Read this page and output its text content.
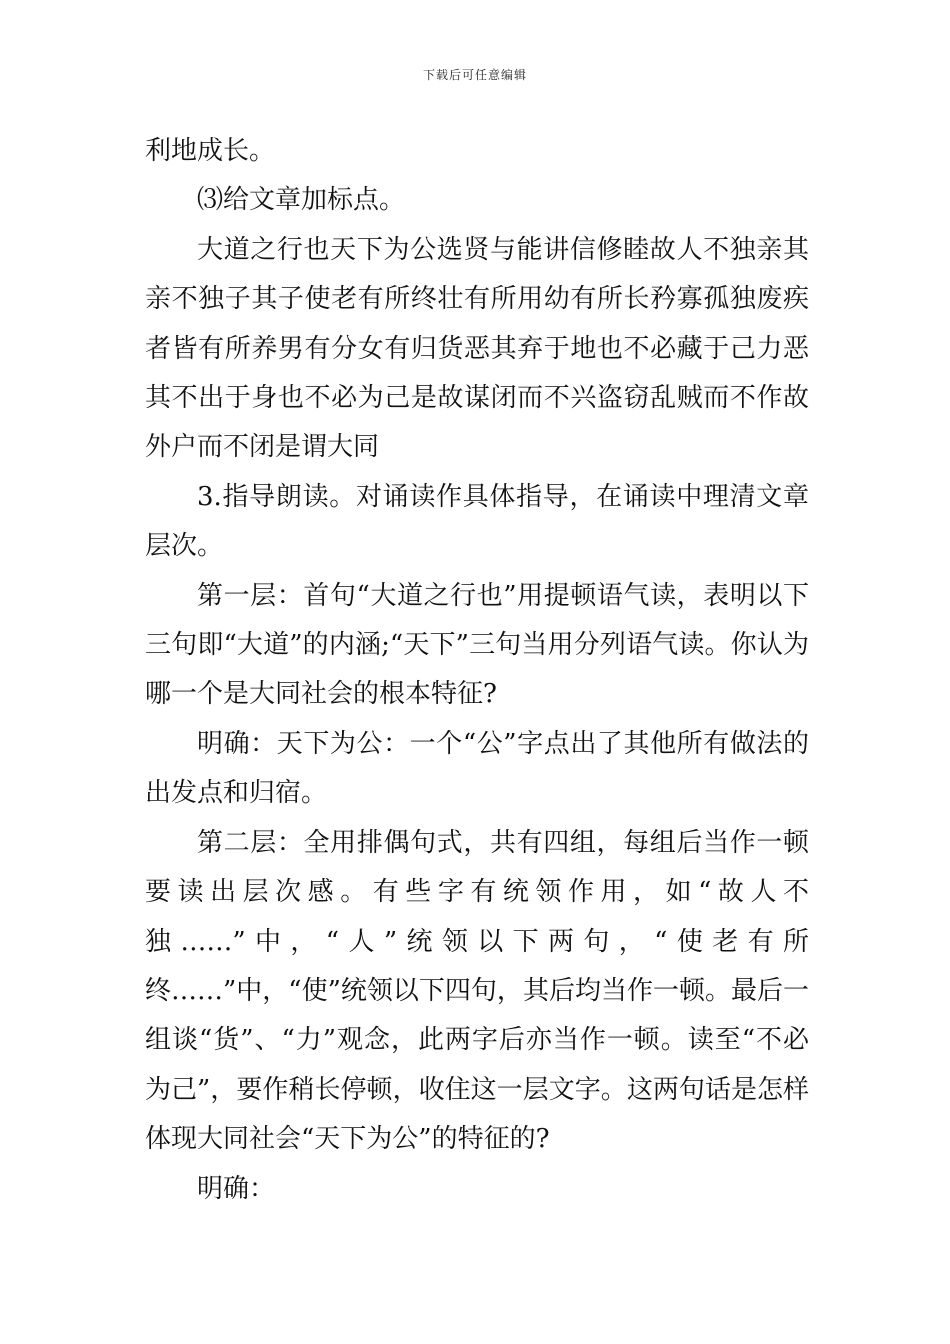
下载后可任意编辑

利地成长。

⑶给文章加标点。

大道之行也天下为公选贤与能讲信修睦故人不独亲其亲不独子其子使老有所终壮有所用幼有所长矜寡孤独废疾者皆有所养男有分女有归货恶其弃于地也不必藏于己力恶其不出于身也不必为己是故谋闭而不兴盗窃乱贼而不作故外户而不闭是谓大同

3.指导朗读。对诵读作具体指导，在诵读中理清文章层次。

第一层：首句“大道之行也”用提顿语气读，表明以下三句即“大道”的内涵;“天下”三句当用分列语气读。你认为哪一个是大同社会的根本特征?

明确：天下为公：一个“公”字点出了其他所有做法的出发点和归宿。

第二层：全用排偶句式，共有四组，每组后当作一顿要读出层次感。有些字有统领作用，如“故人不独……”中，“人”统领以下两句，“使老有所终……”中，“使”统领以下四句，其后均当作一顿。最后一组谈“货”、“力”观念，此两字后亦当作一顿。读至“不必为己”，要作稍长停顿，收住这一层文字。这两句话是怎样体现大同社会“天下为公”的特征的?

明确：
